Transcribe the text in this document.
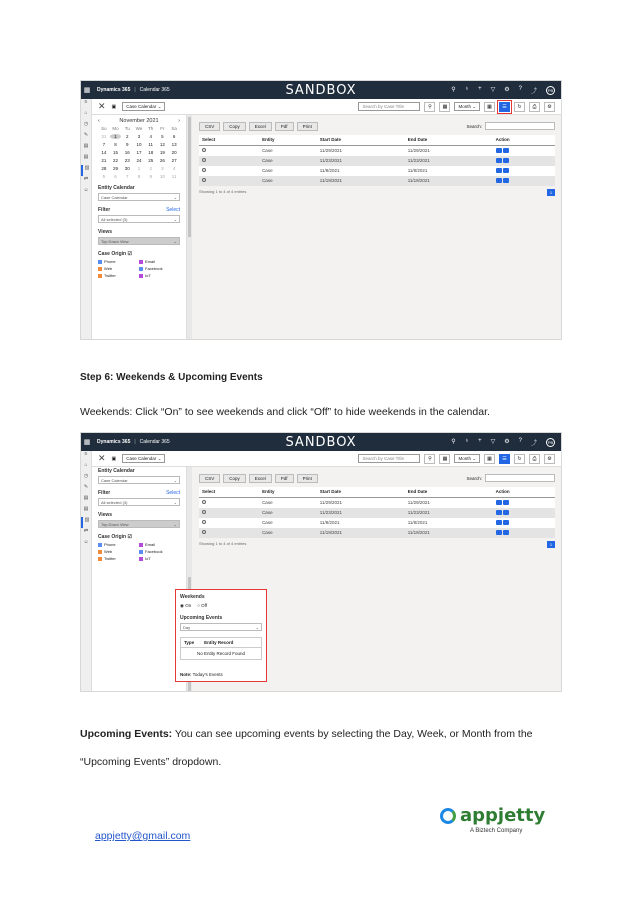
▦	Dynamics 365 | Calendar 365	SANDBOX	⚲ ♁ + ▽ ⚙ ? ⤴	PB
≡
⌂
◷
✎
▤
▤
▥
⇄
☺
✕ ▣ Case Calendar ⌄	Search by Case Title	⚲	▦	Month ⌄	▦	☰	↻	⎙	⚙
‹	November 2021	›
Su	Mo	Tu	We	Th	Fr	Sa
31	1	2	3	4	5	6
7	8	9	10	11	12	13
14	15	16	17	18	19	20
21	22	23	24	25	26	27
28	29	30	1	2	3	4
5	6	7	8	9	10	11
Entity Calendar
Case Calendar	⌄
Filter	Select
All selected (3)	⌄
Views
Top Down View	⌄
Case Origin ☑
Phone	Email
Web	Facebook
Twitter	IoT
CSV	Copy	Excel	Pdf	Print	Search:
Select	Entity	Start Date	End Date	Action
	Case	11/29/2021	11/29/2021	
	Case	11/23/2021	11/23/2021	
	Case	11/8/2021	11/8/2021	
	Case	11/19/2021	11/19/2021	
Showing 1 to 4 of 4 entries	1
Step 6: Weekends & Upcoming Events
Weekends: Click “On” to see weekends and click “Off” to hide weekends in the calendar.
▦	Dynamics 365 | Calendar 365	SANDBOX	⚲ ♁ + ▽ ⚙ ? ⤴	PB
≡
⌂
◷
✎
▤
▤
▥
⇄
☺
✕ ▣ Case Calendar ⌄	Search by Case Title	⚲	▦	Month ⌄	▦	☰	↻	⎙	⚙
Entity Calendar
Case Calendar	⌄
Filter	Select
All selected (3)	⌄
Views
Top Down View	⌄
Case Origin ☑
Phone	Email
Web	Facebook
Twitter	IoT
Weekends
◉ On ○ Off
Upcoming Events
Day	⌄
Type Entity Record
No Entity Record Found
Note: Today's Events
CSV	Copy	Excel	Pdf	Print	Search:
Select	Entity	Start Date	End Date	Action
	Case	11/29/2021	11/29/2021	
	Case	11/23/2021	11/23/2021	
	Case	11/8/2021	11/8/2021	
	Case	11/19/2021	11/19/2021	
Showing 1 to 4 of 4 entries	1
Upcoming Events: You can see upcoming events by selecting the Day, Week, or Month from the “Upcoming Events” dropdown.
appjetty@gmail.com
appjetty
A Biztech Company
